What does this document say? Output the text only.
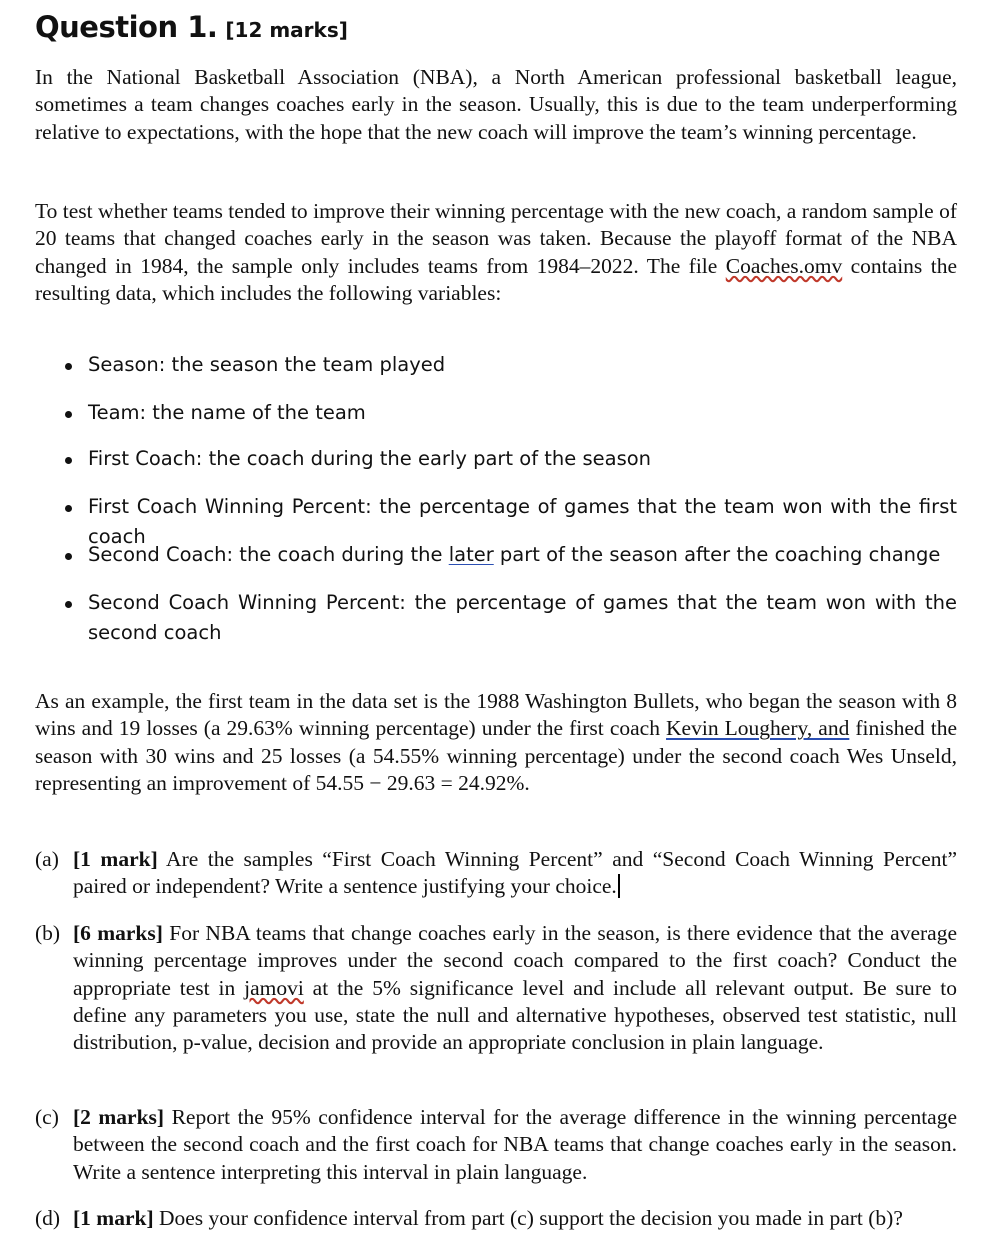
Question 1. [12 marks]
In the National Basketball Association (NBA), a North American professional basketball league, sometimes a team changes coaches early in the season. Usually, this is due to the team underperforming relative to expectations, with the hope that the new coach will improve the team’s winning percentage.
To test whether teams tended to improve their winning percentage with the new coach, a random sample of 20 teams that changed coaches early in the season was taken. Because the playoff format of the NBA changed in 1984, the sample only includes teams from 1984–2022. The file Coaches.omv contains the resulting data, which includes the following variables:
Season: the season the team played
Team: the name of the team
First Coach: the coach during the early part of the season
First Coach Winning Percent: the percentage of games that the team won with the first coach
Second Coach: the coach during the later part of the season after the coaching change
Second Coach Winning Percent: the percentage of games that the team won with the second coach
As an example, the first team in the data set is the 1988 Washington Bullets, who began the season with 8 wins and 19 losses (a 29.63% winning percentage) under the first coach Kevin Loughery, and finished the season with 30 wins and 25 losses (a 54.55% winning percentage) under the second coach Wes Unseld, representing an improvement of 54.55 − 29.63 = 24.92%.
(a) [1 mark] Are the samples “First Coach Winning Percent” and “Second Coach Winning Percent” paired or independent? Write a sentence justifying your choice.
(b) [6 marks] For NBA teams that change coaches early in the season, is there evidence that the average winning percentage improves under the second coach compared to the first coach? Conduct the appropriate test in jamovi at the 5% significance level and include all relevant output. Be sure to define any parameters you use, state the null and alternative hypotheses, observed test statistic, null distribution, p-value, decision and provide an appropriate conclusion in plain language.
(c) [2 marks] Report the 95% confidence interval for the average difference in the winning percentage between the second coach and the first coach for NBA teams that change coaches early in the season. Write a sentence interpreting this interval in plain language.
(d) [1 mark] Does your confidence interval from part (c) support the decision you made in part (b)?
